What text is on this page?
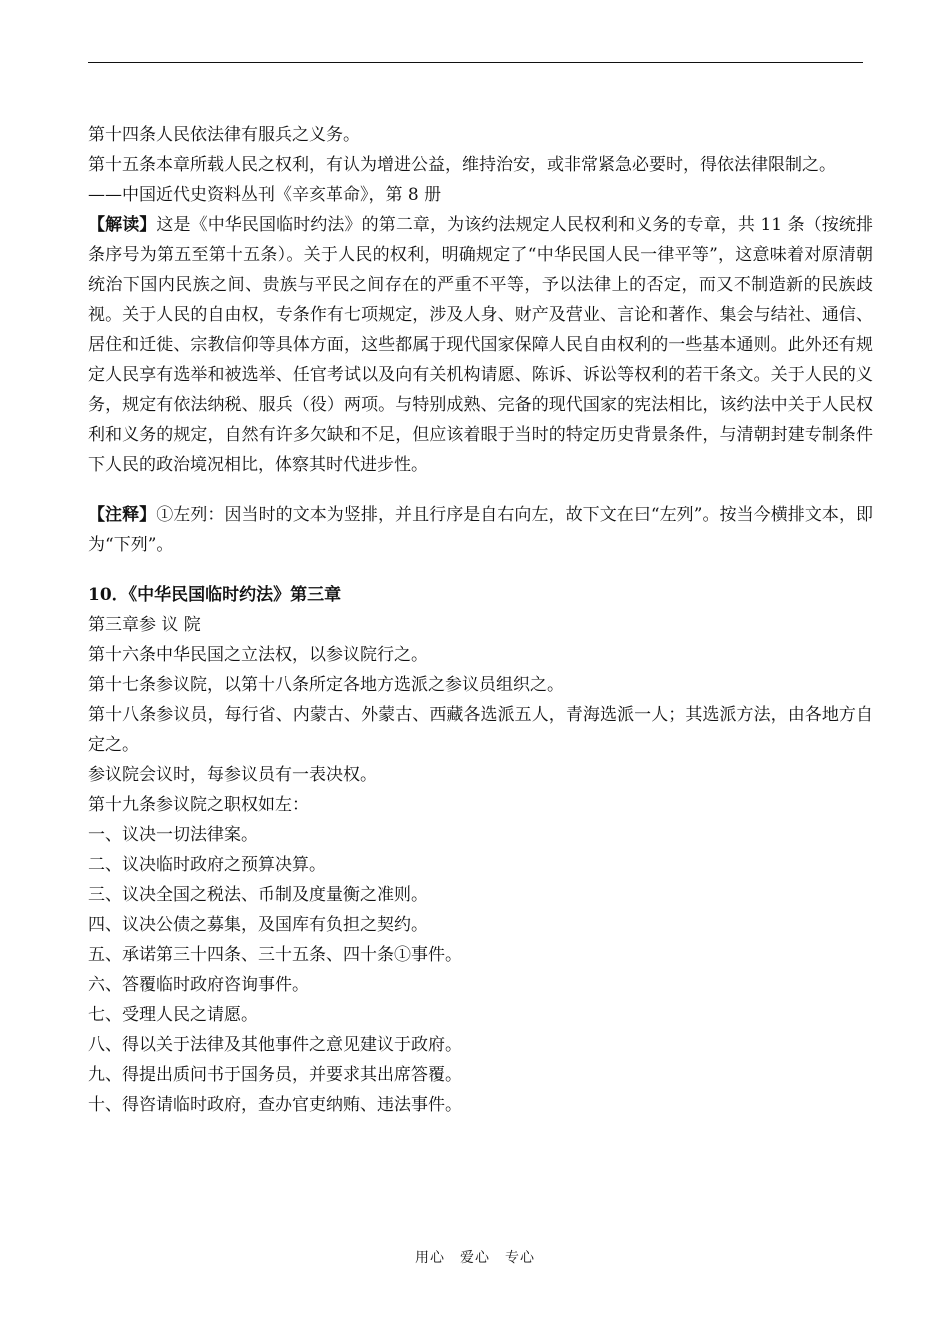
第十四条人民依法律有服兵之义务。

第十五条本章所载人民之权利，有认为增进公益，维持治安，或非常紧急必要时，得依法律限制之。

——中国近代史资料丛刊《辛亥革命》，第 8 册

【解读】这是《中华民国临时约法》的第二章，为该约法规定人民权利和义务的专章，共 11 条（按统排条序号为第五至第十五条）。关于人民的权利，明确规定了“中华民国人民一律平等”，这意味着对原清朝统治下国内民族之间、贵族与平民之间存在的严重不平等，予以法律上的否定，而又不制造新的民族歧视。关于人民的自由权，专条作有七项规定，涉及人身、财产及营业、言论和著作、集会与结社、通信、居住和迁徙、宗教信仰等具体方面，这些都属于现代国家保障人民自由权利的一些基本通则。此外还有规定人民享有选举和被选举、任官考试以及向有关机构请愿、陈诉、诉讼等权利的若干条文。关于人民的义务，规定有依法纳税、服兵（役）两项。与特别成熟、完备的现代国家的宪法相比，该约法中关于人民权利和义务的规定，自然有许多欠缺和不足，但应该着眼于当时的特定历史背景条件，与清朝封建专制条件下人民的政治境况相比，体察其时代进步性。

【注释】①左列：因当时的文本为竖排，并且行序是自右向左，故下文在曰“左列”。按当今横排文本，即为“下列”。

10．《中华民国临时约法》第三章

第三章参 议 院

第十六条中华民国之立法权，以参议院行之。

第十七条参议院，以第十八条所定各地方选派之参议员组织之。

第十八条参议员，每行省、内蒙古、外蒙古、西藏各选派五人，青海选派一人；其选派方法，由各地方自定之。

参议院会议时，每参议员有一表决权。

第十九条参议院之职权如左：

一、议决一切法律案。

二、议决临时政府之预算决算。

三、议决全国之税法、币制及度量衡之准则。

四、议决公债之募集，及国库有负担之契约。

五、承诺第三十四条、三十五条、四十条①事件。

六、答覆临时政府咨询事件。

七、受理人民之请愿。

八、得以关于法律及其他事件之意见建议于政府。

九、得提出质问书于国务员，并要求其出席答覆。

十、得咨请临时政府，查办官吏纳贿、违法事件。

用心　爱心　专心
